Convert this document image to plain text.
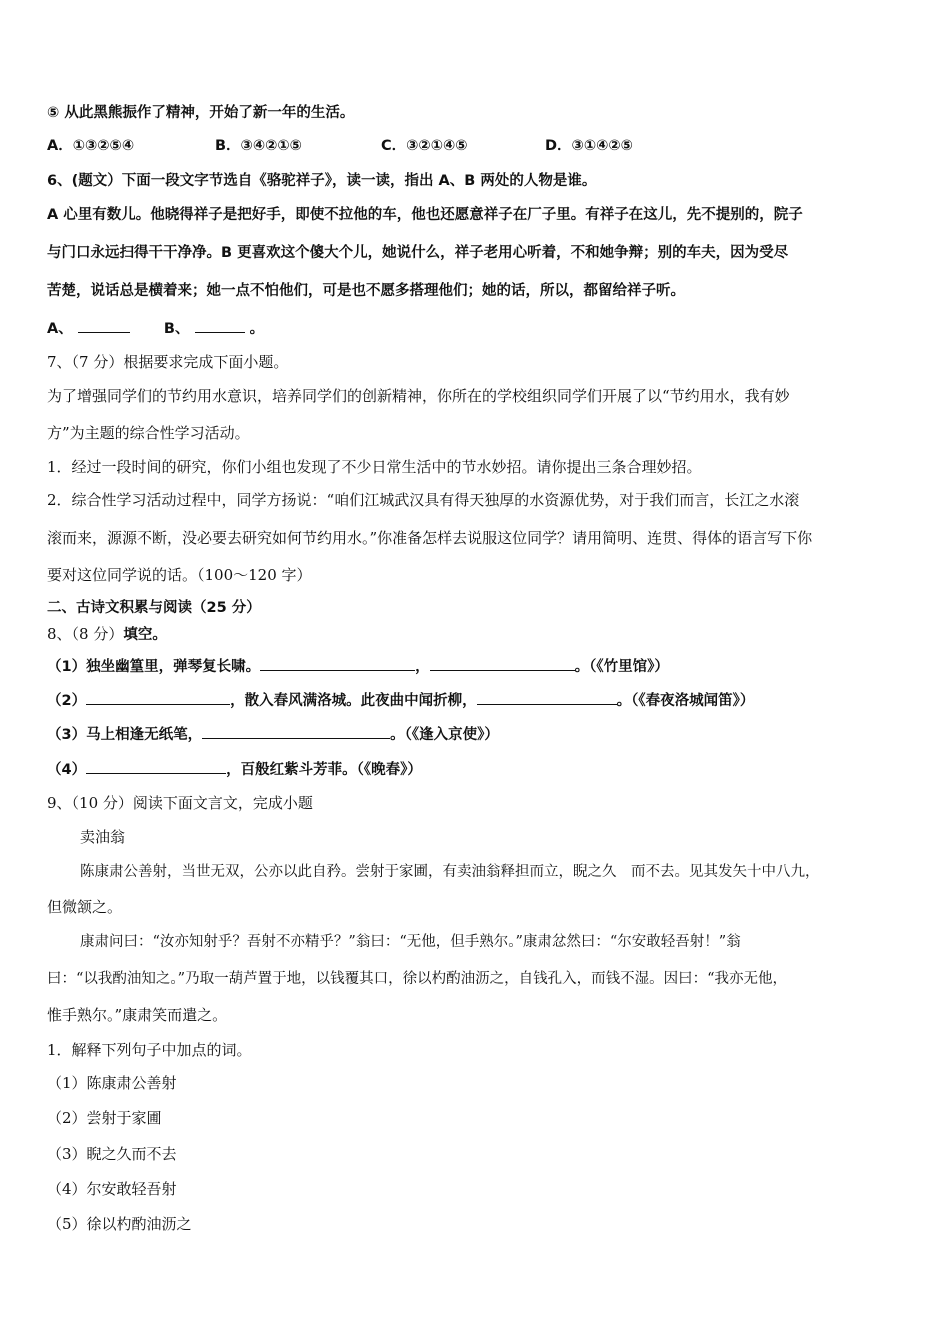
⑤ 从此黑熊振作了精神，开始了新一年的生活。
A．①③②⑤④	B．③④②①⑤	C．③②①④⑤	D．③①④②⑤
6、(题文）下面一段文字节选自《骆驼祥子》，读一读，指出 A、B 两处的人物是谁。
A 心里有数儿。他晓得祥子是把好手，即使不拉他的车，他也还愿意祥子在厂子里。有祥子在这儿，先不提别的，院子
与门口永远扫得干干净净。B 更喜欢这个傻大个儿，她说什么，祥子老用心听着，不和她争辩；别的车夫，因为受尽
苦楚，说话总是横着来；她一点不怕他们，可是也不愿多搭理他们；她的话，所以，都留给祥子听。
A、	B、	。
7、（7 分）根据要求完成下面小题。
为了增强同学们的节约用水意识，培养同学们的创新精神，你所在的学校组织同学们开展了以“节约用水，我有妙
方”为主题的综合性学习活动。
1．经过一段时间的研究，你们小组也发现了不少日常生活中的节水妙招。请你提出三条合理妙招。
2．综合性学习活动过程中，同学方扬说：“咱们江城武汉具有得天独厚的水资源优势，对于我们而言，长江之水滚
滚而来，源源不断，没必要去研究如何节约用水。”你准备怎样去说服这位同学？请用简明、连贯、得体的语言写下你
要对这位同学说的话。（100～120 字）
二、古诗文积累与阅读（25 分）
8、（8 分）填空。
（1）独坐幽篁里，弹琴复长啸。	，	。（《竹里馆》）
（2）	，散入春风满洛城。此夜曲中闻折柳，	。（《春夜洛城闻笛》）
（3）马上相逢无纸笔，	。（《逢入京使》）
（4）	，百般红紫斗芳菲。（《晚春》）
9、（10 分）阅读下面文言文，完成小题
卖油翁
陈康肃公善射，当世无双，公亦以此自矜。尝射于家圃，有卖油翁释担而立，睨之久　而不去。见其发矢十中八九，
但微颔之。
康肃问曰：“汝亦知射乎？吾射不亦精乎？”翁曰：“无他，但手熟尔。”康肃忿然曰：“尔安敢轻吾射！”翁
曰：“以我酌油知之。”乃取一葫芦置于地，以钱覆其口，徐以杓酌油沥之，自钱孔入，而钱不湿。因曰：“我亦无他，
惟手熟尔。”康肃笑而遣之。
1．解释下列句子中加点的词。
（1）陈康肃公善射
（2）尝射于家圃
（3）睨之久而不去
（4）尔安敢轻吾射
（5）徐以杓酌油沥之
